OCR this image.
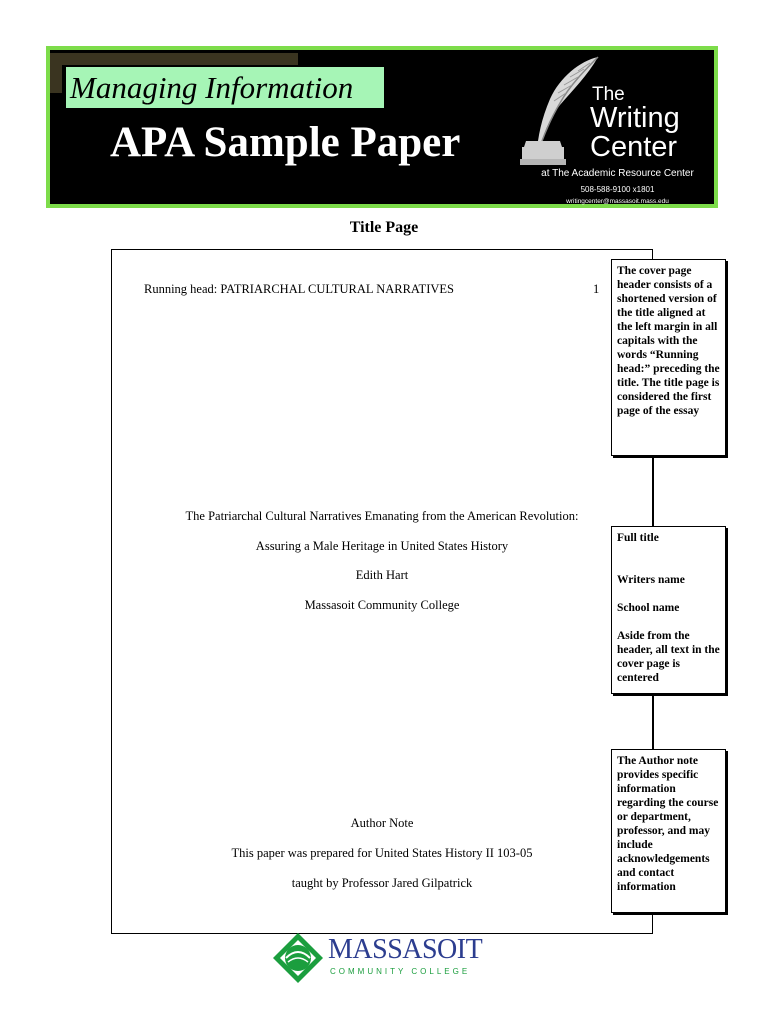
Managing Information
APA Sample Paper
The
Writing
Center
at The Academic Resource Center
508-588-9100 x1801
writingcenter@massasoit.mass.edu
Title Page
Running head: PATRIARCHAL CULTURAL NARRATIVES	1
The Patriarchal Cultural Narratives Emanating from the American Revolution:
Assuring a Male Heritage in United States History
Edith Hart
Massasoit Community College
Author Note
This paper was prepared for United States History II 103-05
taught by Professor Jared Gilpatrick

The cover page header consists of a shortened version of the title aligned at the left margin in all capitals with the words “Running head:” preceding the title. The title page is considered the first page of the essay

Full title

Writers name

School name

Aside from the header, all text in the cover page is centered

The Author note provides specific information regarding the course or department, professor, and may include acknowledgements and contact information

MASSASOIT
COMMUNITY COLLEGE
